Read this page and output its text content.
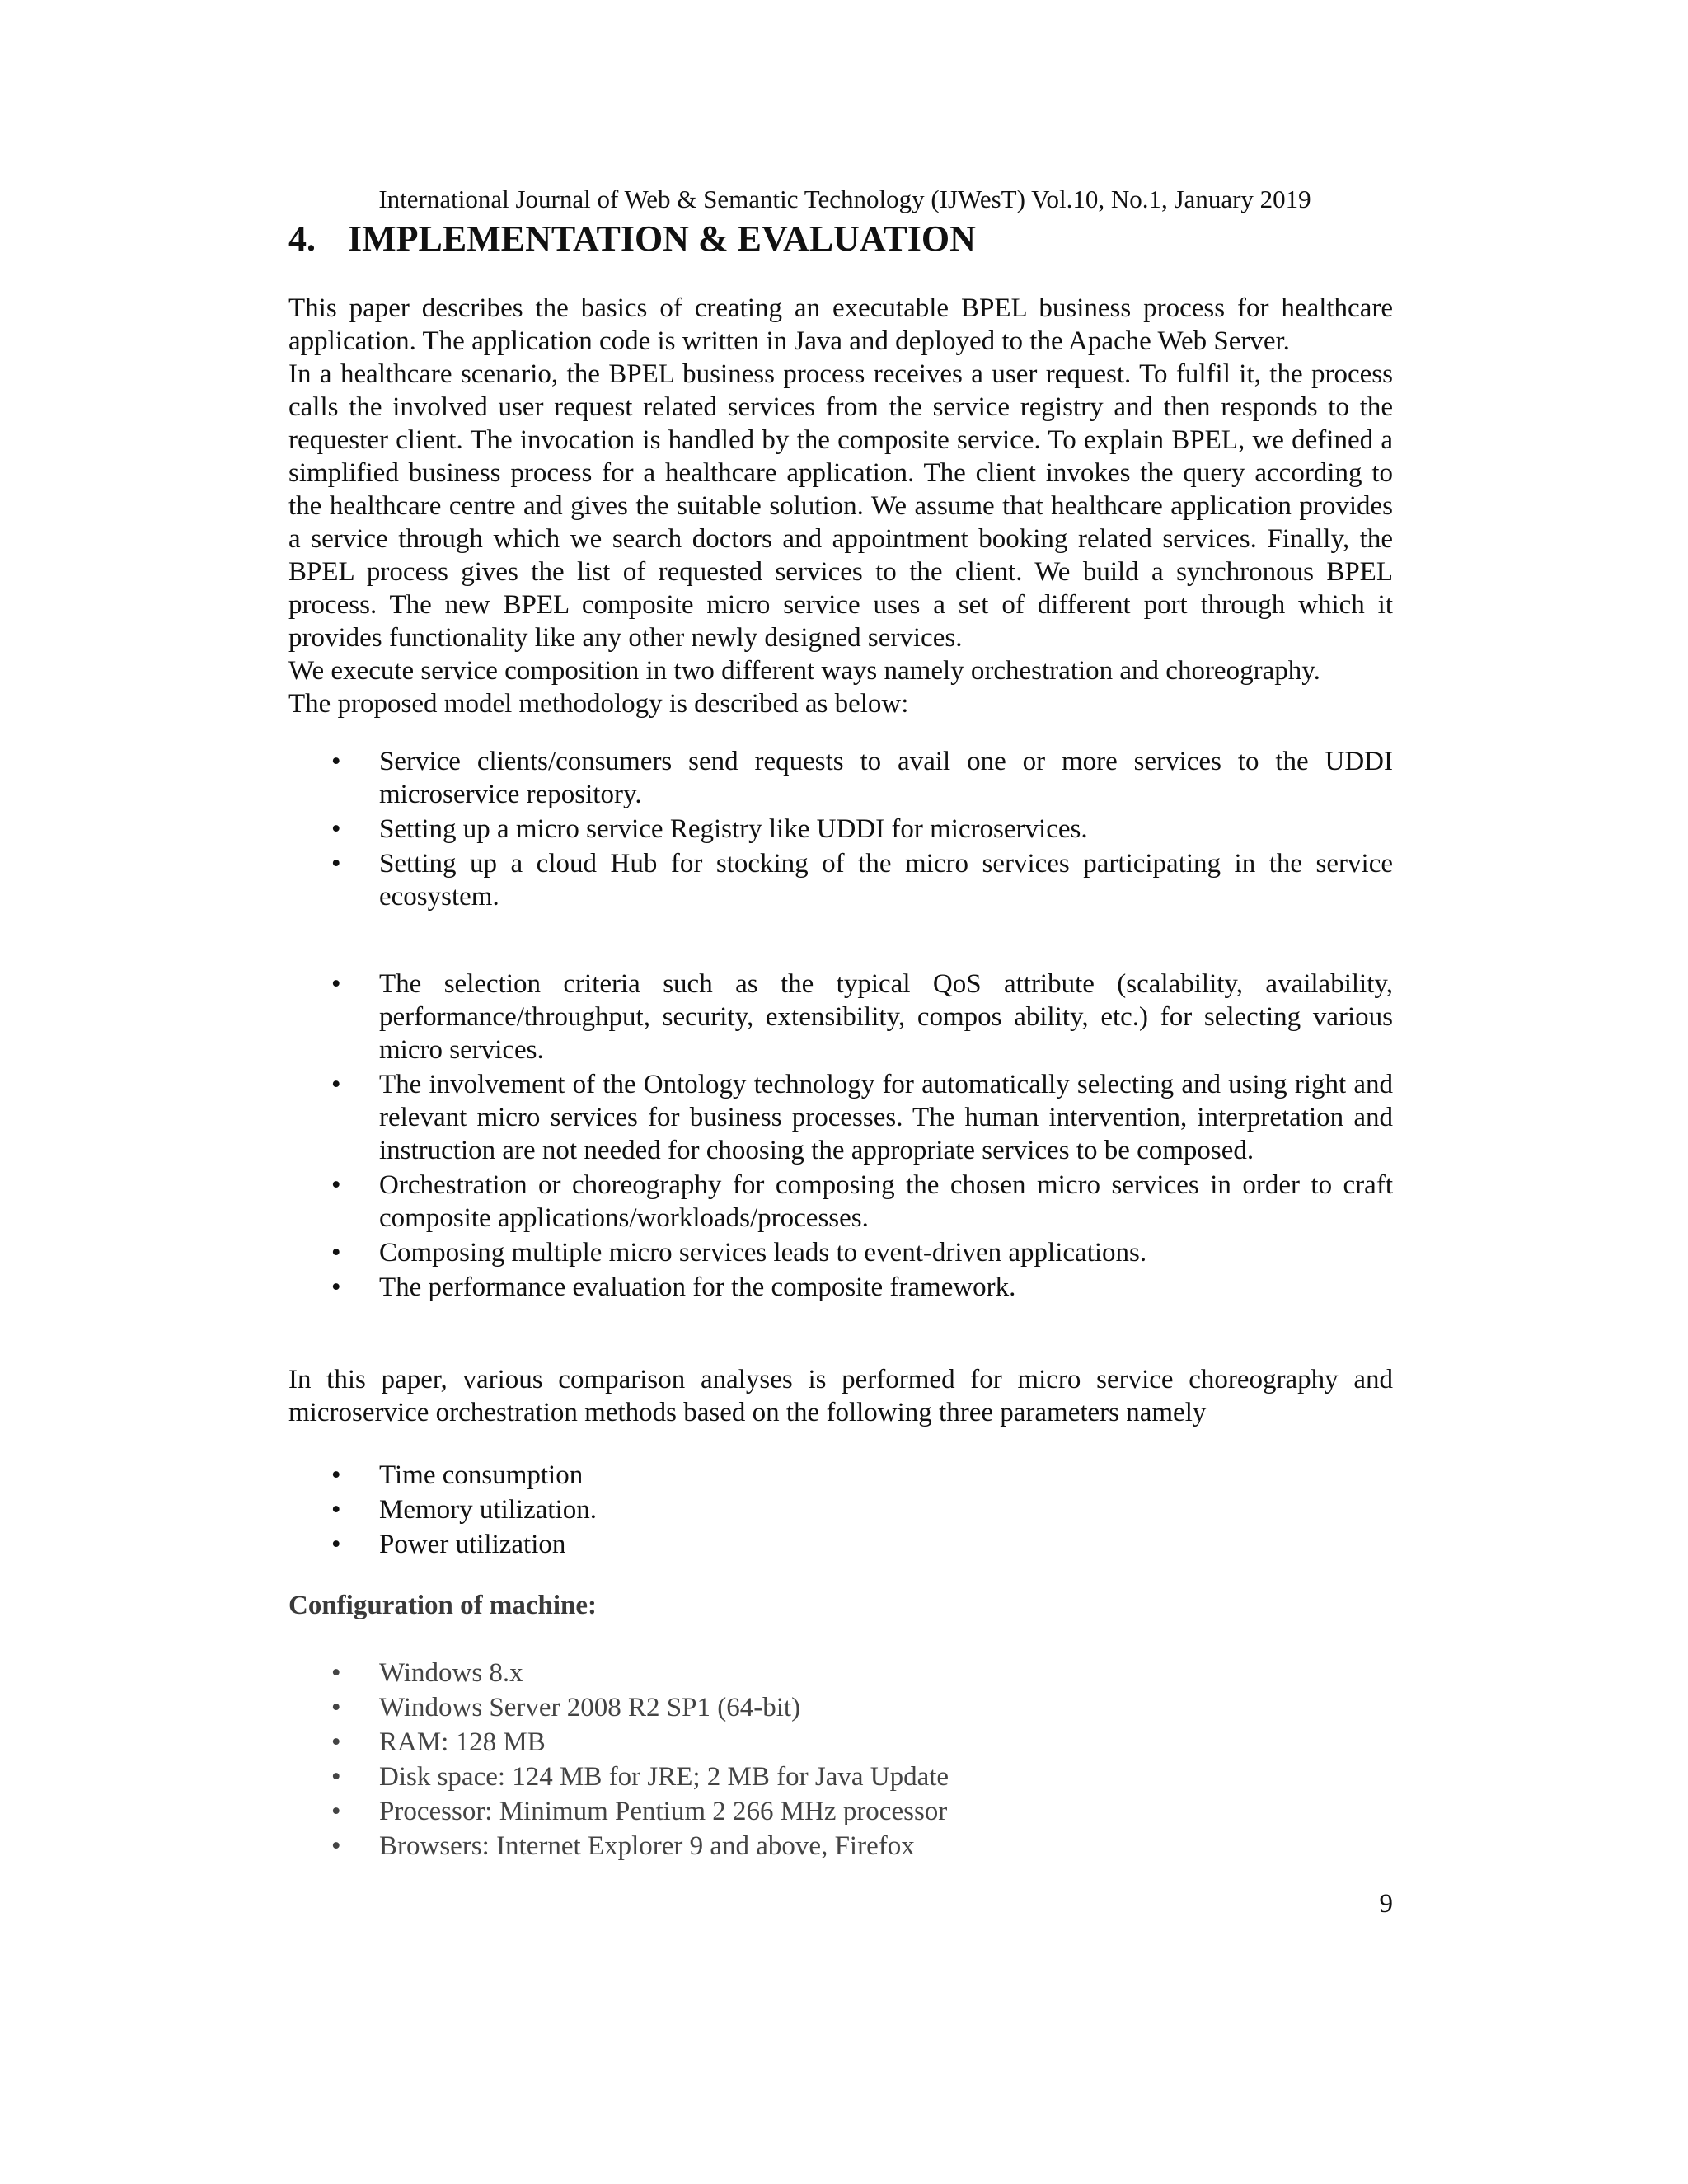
International Journal of Web & Semantic Technology (IJWesT) Vol.10, No.1, January 2019
4. IMPLEMENTATION & EVALUATION

This paper describes the basics of creating an executable BPEL business process for healthcare application. The application code is written in Java and deployed to the Apache Web Server.

In a healthcare scenario, the BPEL business process receives a user request. To fulfil it, the process calls the involved user request related services from the service registry and then responds to the requester client. The invocation is handled by the composite service. To explain BPEL, we defined a simplified business process for a healthcare application. The client invokes the query according to the healthcare centre and gives the suitable solution. We assume that healthcare application provides a service through which we search doctors and appointment booking related services. Finally, the BPEL process gives the list of requested services to the client. We build a synchronous BPEL process. The new BPEL composite micro service uses a set of different port through which it provides functionality like any other newly designed services.

We execute service composition in two different ways namely orchestration and choreography.

The proposed model methodology is described as below:

• Service clients/consumers send requests to avail one or more services to the UDDI microservice repository.
• Setting up a micro service Registry like UDDI for microservices.
• Setting up a cloud Hub for stocking of the micro services participating in the service ecosystem.
• The selection criteria such as the typical QoS attribute (scalability, availability, performance/throughput, security, extensibility, compos ability, etc.) for selecting various micro services.
• The involvement of the Ontology technology for automatically selecting and using right and relevant micro services for business processes. The human intervention, interpretation and instruction are not needed for choosing the appropriate services to be composed.
• Orchestration or choreography for composing the chosen micro services in order to craft composite applications/workloads/processes.
• Composing multiple micro services leads to event-driven applications.
• The performance evaluation for the composite framework.

In this paper, various comparison analyses is performed for micro service choreography and microservice orchestration methods based on the following three parameters namely

• Time consumption
• Memory utilization.
• Power utilization
Configuration of machine:
• Windows 8.x
• Windows Server 2008 R2 SP1 (64-bit)
• RAM: 128 MB
• Disk space: 124 MB for JRE; 2 MB for Java Update
• Processor: Minimum Pentium 2 266 MHz processor
• Browsers: Internet Explorer 9 and above, Firefox
9
